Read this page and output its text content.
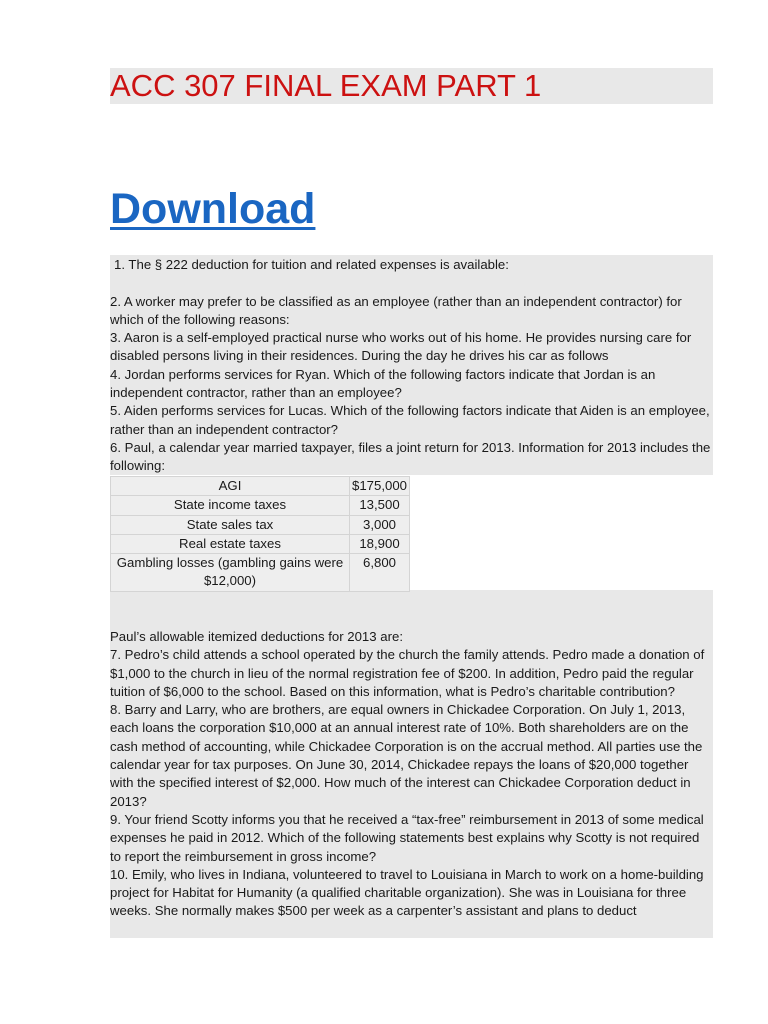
ACC 307 FINAL EXAM PART 1
Download

1. The § 222 deduction for tuition and related expenses is available:

2. A worker may prefer to be classified as an employee (rather than an independent contractor) for which of the following reasons:

3. Aaron is a self-employed practical nurse who works out of his home. He provides nursing care for disabled persons living in their residences. During the day he drives his car as follows

4. Jordan performs services for Ryan. Which of the following factors indicate that Jordan is an independent contractor, rather than an employee?

5. Aiden performs services for Lucas. Which of the following factors indicate that Aiden is an employee, rather than an independent contractor?

6. Paul, a calendar year married taxpayer, files a joint return for 2013. Information for 2013 includes the following:

AGI	$175,000
State income taxes	13,500
State sales tax	3,000
Real estate taxes	18,900
Gambling losses (gambling gains were $12,000)	6,800

Paul’s allowable itemized deductions for 2013 are:

7. Pedro’s child attends a school operated by the church the family attends. Pedro made a donation of $1,000 to the church in lieu of the normal registration fee of $200. In addition, Pedro paid the regular tuition of $6,000 to the school. Based on this information, what is Pedro’s charitable contribution?

8. Barry and Larry, who are brothers, are equal owners in Chickadee Corporation. On July 1, 2013, each loans the corporation $10,000 at an annual interest rate of 10%. Both shareholders are on the cash method of accounting, while Chickadee Corporation is on the accrual method. All parties use the calendar year for tax purposes. On June 30, 2014, Chickadee repays the loans of $20,000 together with the specified interest of $2,000. How much of the interest can Chickadee Corporation deduct in 2013?

9. Your friend Scotty informs you that he received a “tax-free” reimbursement in 2013 of some medical expenses he paid in 2012. Which of the following statements best explains why Scotty is not required to report the reimbursement in gross income?

10. Emily, who lives in Indiana, volunteered to travel to Louisiana in March to work on a home-building project for Habitat for Humanity (a qualified charitable organization). She was in Louisiana for three weeks. She normally makes $500 per week as a carpenter’s assistant and plans to deduct
